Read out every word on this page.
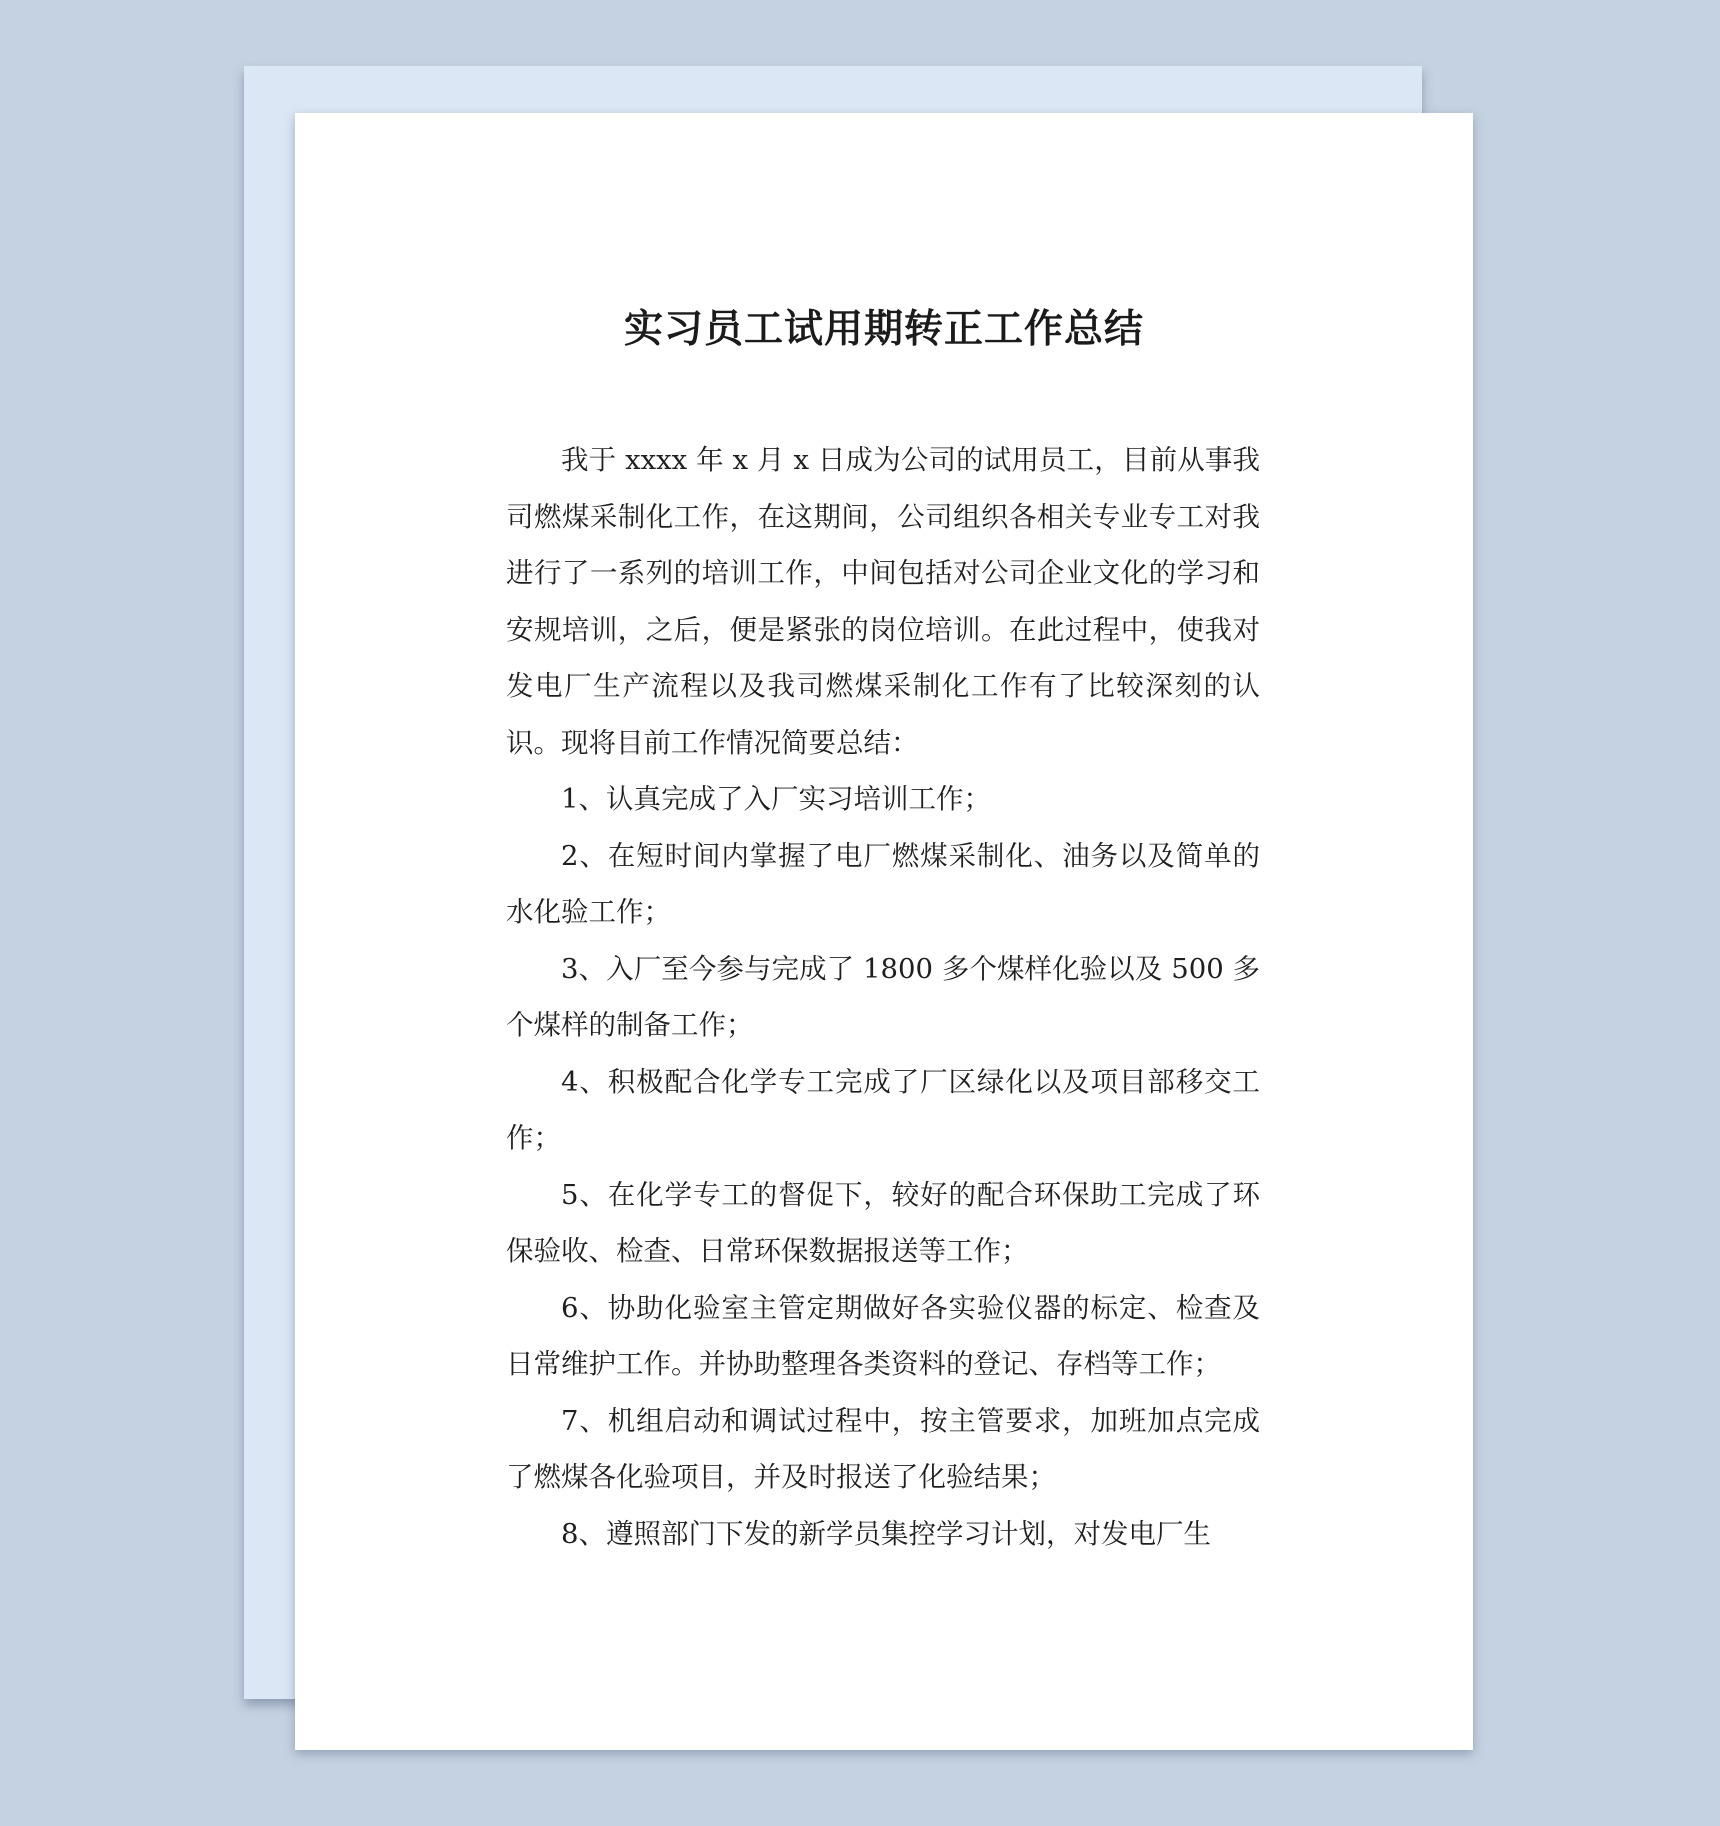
实习员工试用期转正工作总结
我于 xxxx 年 x 月 x 日成为公司的试用员工，目前从事我司燃煤采制化工作，在这期间，公司组织各相关专业专工对我进行了一系列的培训工作，中间包括对公司企业文化的学习和安规培训，之后，便是紧张的岗位培训。在此过程中，使我对发电厂生产流程以及我司燃煤采制化工作有了比较深刻的认识。现将目前工作情况简要总结：
1、认真完成了入厂实习培训工作；
2、在短时间内掌握了电厂燃煤采制化、油务以及简单的水化验工作；
3、入厂至今参与完成了 1800 多个煤样化验以及 500 多个煤样的制备工作；
4、积极配合化学专工完成了厂区绿化以及项目部移交工作；
5、在化学专工的督促下，较好的配合环保助工完成了环保验收、检查、日常环保数据报送等工作；
6、协助化验室主管定期做好各实验仪器的标定、检查及日常维护工作。并协助整理各类资料的登记、存档等工作；
7、机组启动和调试过程中，按主管要求，加班加点完成了燃煤各化验项目，并及时报送了化验结果；
8、遵照部门下发的新学员集控学习计划，对发电厂生
